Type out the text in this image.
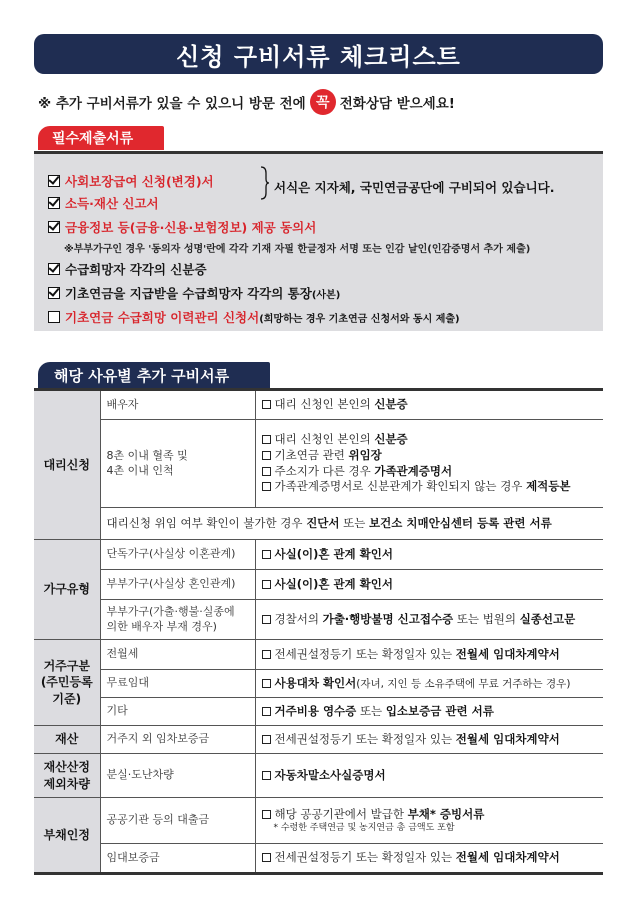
신청 구비서류 체크리스트
※ 추가 구비서류가 있을 수 있으니 방문 전에 꼭 전화상담 받으세요!
필수제출서류
사회보장급여 신청(변경)서
소득·재산 신고서
서식은 지자체, 국민연금공단에 구비되어 있습니다.
금융정보 등(금융·신용·보험정보) 제공 동의서
※부부가구인 경우 '동의자 성명'란에 각각 기재 자필 한글정자 서명 또는 인감 날인(인감증명서 추가 제출)
수급희망자 각각의 신분증
기초연금을 지급받을 수급희망자 각각의 통장 (사본)
기초연금 수급희망 이력관리 신청서 (희망하는 경우 기초연금 신청서와 동시 제출)
해당 사유별 추가 구비서류
대리신청	배우자	대리 신청인 본인의 신분증

	8촌 이내 혈족 및
4촌 이내 인척	대리 신청인 본인의 신분증
기초연금 관련 위임장
주소지가 다른 경우 가족관계증명서
가족관계증명서로 신분관계가 확인되지 않는 경우 제적등본

	대리신청 위임 여부 확인이 불가한 경우 진단서 또는 보건소 치매안심센터 등록 관련 서류	

가구유형	단독가구(사실상 이혼관계)	사실(이)혼 관계 확인서

	부부가구(사실상 혼인관계)	사실(이)혼 관계 확인서

	부부가구(가출·행불·실종에
의한 배우자 부재 경우)	경찰서의 가출·행방불명 신고접수증 또는 법원의 실종선고문

거주구분
(주민등록
기준)	전월세	전세권설정등기 또는 확정일자 있는 전월세 임대차계약서

	무료임대	사용대차 확인서(자녀, 지인 등 소유주택에 무료 거주하는 경우)

	기타	거주비용 영수증 또는 입소보증금 관련 서류

재산	거주지 외 임차보증금	전세권설정등기 또는 확정일자 있는 전월세 임대차계약서

재산산정
제외차량	분실·도난차량	자동차말소사실증명서

부채인정	공공기관 등의 대출금	해당 공공기관에서 발급한 부채* 증빙서류
* 수령한 주택연금 및 농지연금 총 금액도 포함

	임대보증금	전세권설정등기 또는 확정일자 있는 전월세 임대차계약서
